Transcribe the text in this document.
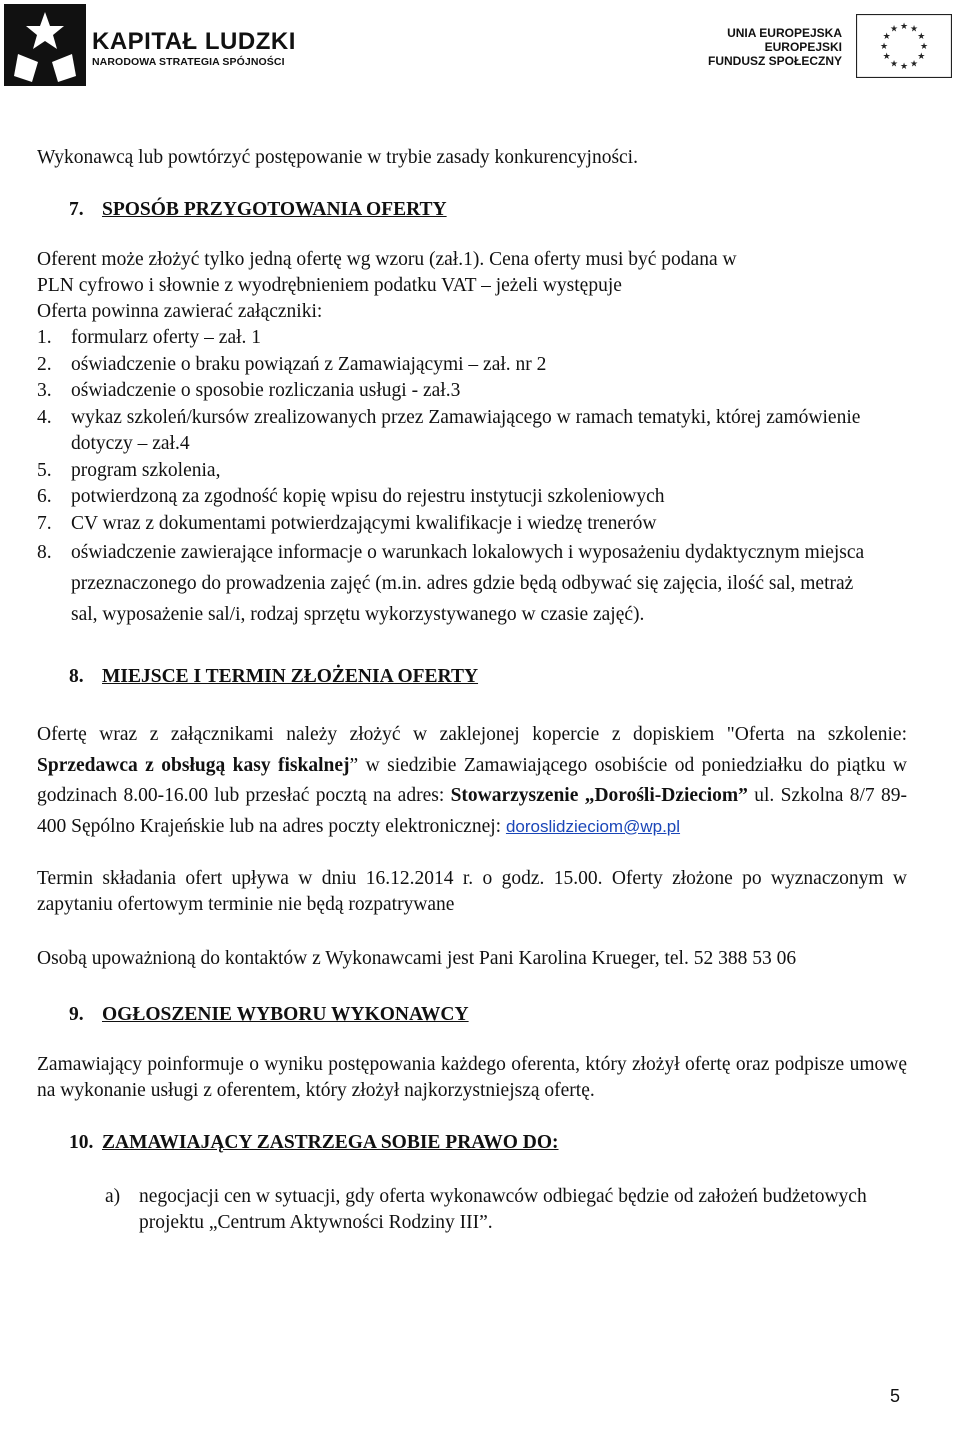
KAPITAŁ LUDZKI
NARODOWA STRATEGIA SPÓJNOŚCI
UNIA EUROPEJSKA
EUROPEJSKI
FUNDUSZ SPOŁECZNY
★ ★
★
★
★
★
★
★
★
★
★
★

Wykonawcą lub powtórzyć postępowanie w trybie zasady konkurencyjności.

7. SPOSÓB PRZYGOTOWANIA OFERTY

Oferent może złożyć tylko jedną ofertę wg wzoru (zał.1). Cena oferty musi być podana w

PLN cyfrowo i słownie z wyodrębnieniem podatku VAT – jeżeli występuje

Oferta powinna zawierać załączniki:

1. formularz oferty – zał. 1
2. oświadczenie o braku powiązań z Zamawiającymi – zał. nr 2
3. oświadczenie o sposobie rozliczania usługi - zał.3
4. wykaz szkoleń/kursów zrealizowanych przez Zamawiającego w ramach tematyki, której zamówienie dotyczy – zał.4
5. program szkolenia,
6. potwierdzoną za zgodność kopię wpisu do rejestru instytucji szkoleniowych
7. CV wraz z dokumentami potwierdzającymi kwalifikacje i wiedzę trenerów
8. oświadczenie zawierające informacje o warunkach lokalowych i wyposażeniu dydaktycznym miejsca przeznaczonego do prowadzenia zajęć (m.in. adres gdzie będą odbywać się zajęcia, ilość sal, metraż sal, wyposażenie sal/i, rodzaj sprzętu wykorzystywanego w czasie zajęć).

8. MIEJSCE I TERMIN ZŁOŻENIA OFERTY

Ofertę wraz z załącznikami należy złożyć w zaklejonej kopercie z dopiskiem "Oferta na szkolenie: Sprzedawca z obsługą kasy fiskalnej” w siedzibie Zamawiającego osobiście od poniedziałku do piątku w godzinach 8.00-16.00 lub przesłać pocztą na adres: Stowarzyszenie „Dorośli-Dzieciom” ul. Szkolna 8/7 89-400 Sępólno Krajeńskie lub na adres poczty elektronicznej: doroslidzieciom@wp.pl

Termin składania ofert upływa w dniu 16.12.2014 r. o godz. 15.00. Oferty złożone po wyznaczonym w zapytaniu ofertowym terminie nie będą rozpatrywane

Osobą upoważnioną do kontaktów z Wykonawcami jest Pani Karolina Krueger, tel. 52 388 53 06

9. OGŁOSZENIE WYBORU WYKONAWCY

Zamawiający poinformuje o wyniku postępowania każdego oferenta, który złożył ofertę oraz podpisze umowę na wykonanie usługi z oferentem, który złożył najkorzystniejszą ofertę.

10. ZAMAWIAJĄCY ZASTRZEGA SOBIE PRAWO DO:

a) negocjacji cen w sytuacji, gdy oferta wykonawców odbiegać będzie od założeń budżetowych projektu „Centrum Aktywności Rodziny III”.
5
